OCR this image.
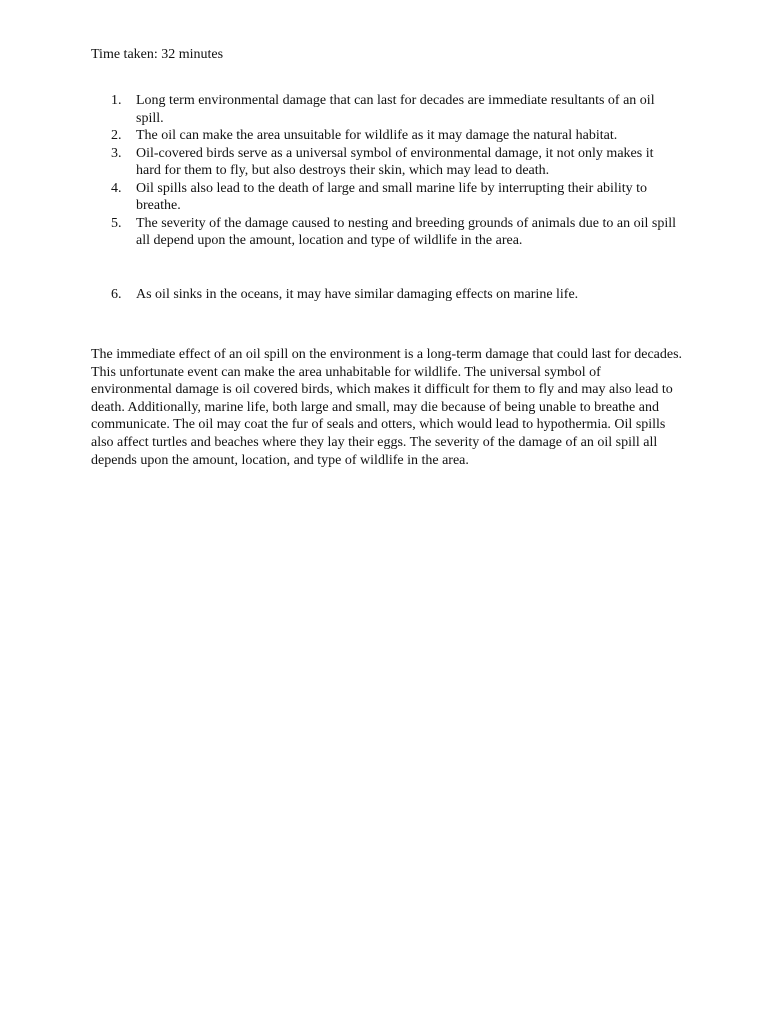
Time taken: 32 minutes
1.	Long term environmental damage that can last for decades are immediate resultants of an oil spill.
2.	The oil can make the area unsuitable for wildlife as it may damage the natural habitat.
3.	Oil-covered birds serve as a universal symbol of environmental damage, it not only makes it hard for them to fly, but also destroys their skin, which may lead to death.
4.	Oil spills also lead to the death of large and small marine life by interrupting their ability to breathe.
5.	The severity of the damage caused to nesting and breeding grounds of animals due to an oil spill all depend upon the amount, location and type of wildlife in the area.
6.	As oil sinks in the oceans, it may have similar damaging effects on marine life.

The immediate effect of an oil spill on the environment is a long-term damage that could last for decades. This unfortunate event can make the area unhabitable for wildlife. The universal symbol of environmental damage is oil covered birds, which makes it difficult for them to fly and may also lead to death. Additionally, marine life, both large and small, may die because of being unable to breathe and communicate. The oil may coat the fur of seals and otters, which would lead to hypothermia. Oil spills also affect turtles and beaches where they lay their eggs. The severity of the damage of an oil spill all depends upon the amount, location, and type of wildlife in the area.
